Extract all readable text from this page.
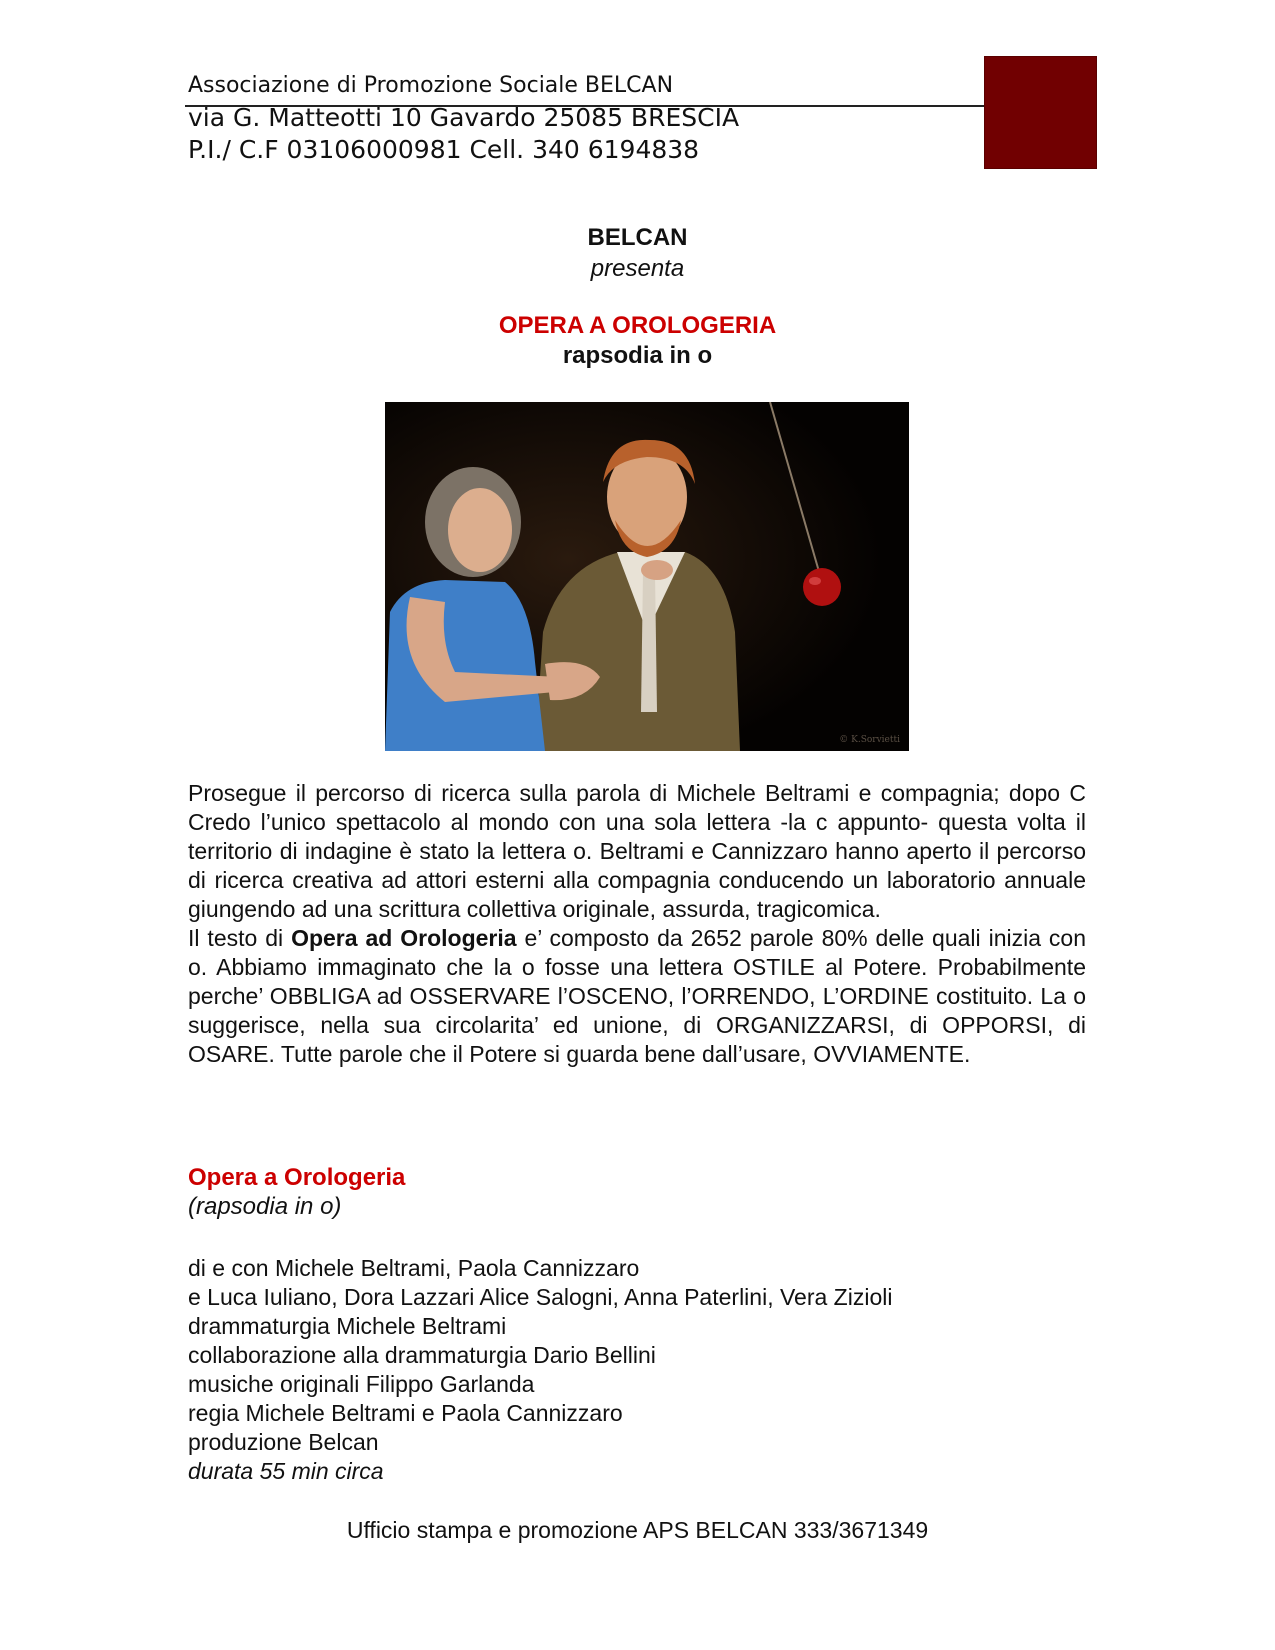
Associazione di Promozione Sociale BELCAN
via G. Matteotti 10 Gavardo 25085 BRESCIA
P.I./ C.F 03106000981 Cell. 340 6194838
BELCAN
presenta
OPERA A OROLOGERIA
rapsodia in o
© K.Sorvietti

Prosegue il percorso di ricerca sulla parola di Michele Beltrami e compagnia; dopo C Credo l’unico spettacolo al mondo con una sola lettera -la c appunto- questa volta il territorio di indagine è stato la lettera o. Beltrami e Cannizzaro hanno aperto il percorso di ricerca creativa ad attori esterni alla compagnia conducendo un laboratorio annuale giungendo ad una scrittura collettiva originale, assurda, tragicomica.

Il testo di Opera ad Orologeria e’ composto da 2652 parole 80% delle quali inizia con o. Abbiamo immaginato che la o fosse una lettera OSTILE al Potere. Probabilmente perche’ OBBLIGA ad OSSERVARE l’OSCENO, l’ORRENDO, L’ORDINE costituito. La o suggerisce, nella sua circolarita’ ed unione, di ORGANIZZARSI, di OPPORSI, di OSARE. Tutte parole che il Potere si guarda bene dall’usare, OVVIAMENTE.

Opera a Orologeria
(rapsodia in o)
di e con Michele Beltrami, Paola Cannizzaro
e Luca Iuliano, Dora Lazzari Alice Salogni, Anna Paterlini, Vera Zizioli
drammaturgia Michele Beltrami
collaborazione alla drammaturgia Dario Bellini
musiche originali Filippo Garlanda
regia Michele Beltrami e Paola Cannizzaro
produzione Belcan
durata 55 min circa
Ufficio stampa e promozione APS BELCAN 333/3671349
